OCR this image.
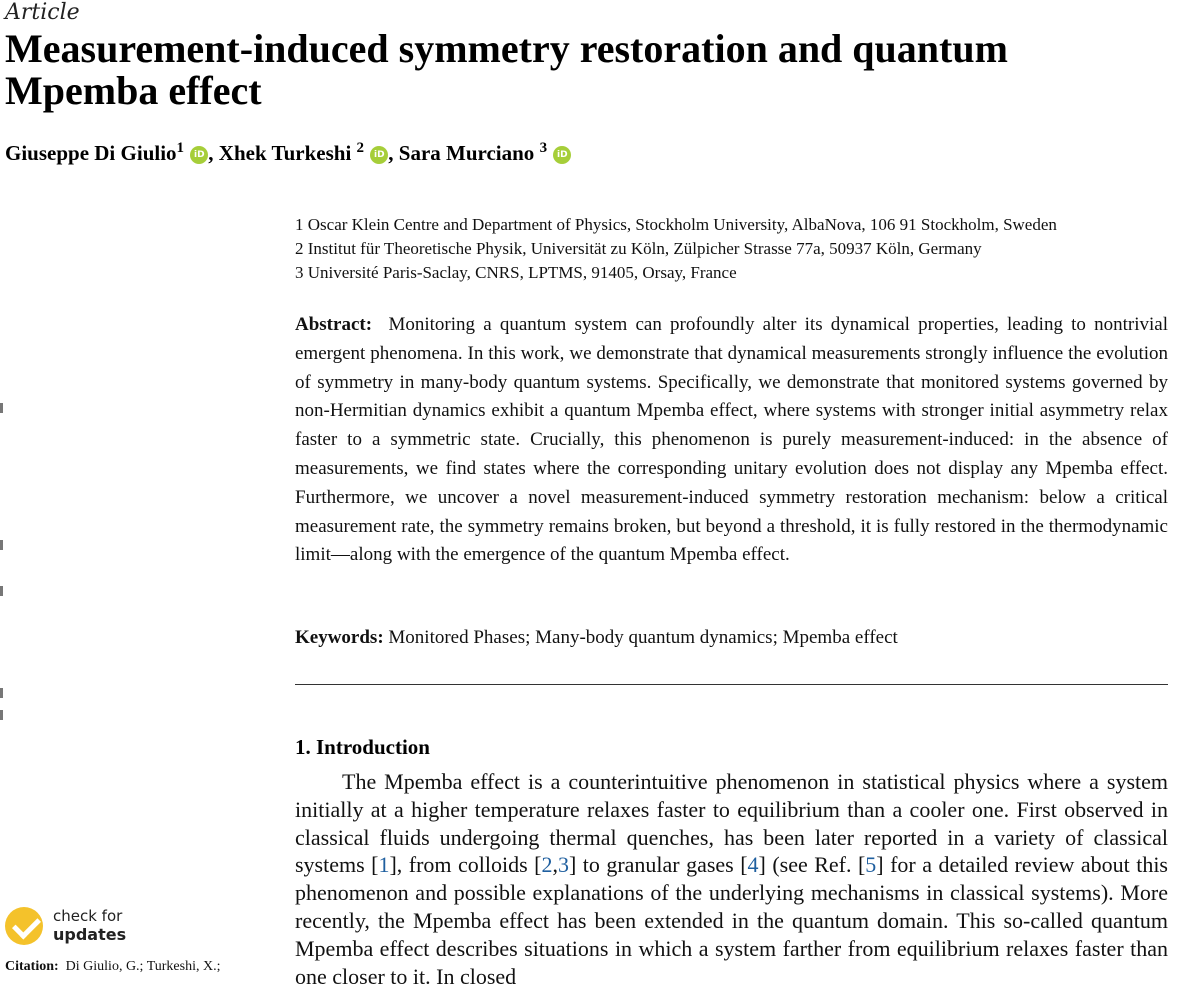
Article
Measurement-induced symmetry restoration and quantum Mpemba effect
Giuseppe Di Giulio$^1$ iD , Xhek Turkeshi $^2$ iD , Sara Murciano $^3$ iD
1 Oscar Klein Centre and Department of Physics, Stockholm University, AlbaNova, 106 91 Stockholm, Sweden
2 Institut für Theoretische Physik, Universität zu Köln, Zülpicher Strasse 77a, 50937 Köln, Germany
3 Université Paris-Saclay, CNRS, LPTMS, 91405, Orsay, France

Abstract: Monitoring a quantum system can profoundly alter its dynamical properties, leading to nontrivial emergent phenomena. In this work, we demonstrate that dynamical measurements strongly influence the evolution of symmetry in many-body quantum systems. Specifically, we demonstrate that monitored systems governed by non-Hermitian dynamics exhibit a quantum Mpemba effect, where systems with stronger initial asymmetry relax faster to a symmetric state. Crucially, this phenomenon is purely measurement-induced: in the absence of measurements, we find states where the corresponding unitary evolution does not display any Mpemba effect. Furthermore, we uncover a novel measurement-induced symmetry restoration mechanism: below a critical measurement rate, the symmetry remains broken, but beyond a threshold, it is fully restored in the thermodynamic limit—along with the emergence of the quantum Mpemba effect.

Keywords: Monitored Phases; Many-body quantum dynamics; Mpemba effect
1. Introduction

The Mpemba effect is a counterintuitive phenomenon in statistical physics where a system initially at a higher temperature relaxes faster to equilibrium than a cooler one. First observed in classical fluids undergoing thermal quenches, has been later reported in a variety of classical systems [1], from colloids [2,3] to granular gases [4] (see Ref. [5] for a detailed review about this phenomenon and possible explanations of the underlying mechanisms in classical systems). More recently, the Mpemba effect has been extended in the quantum domain. This so-called quantum Mpemba effect describes situations in which a system farther from equilibrium relaxes faster than one closer to it. In closed

check for
updates
Citation: Di Giulio, G.; Turkeshi, X.;
